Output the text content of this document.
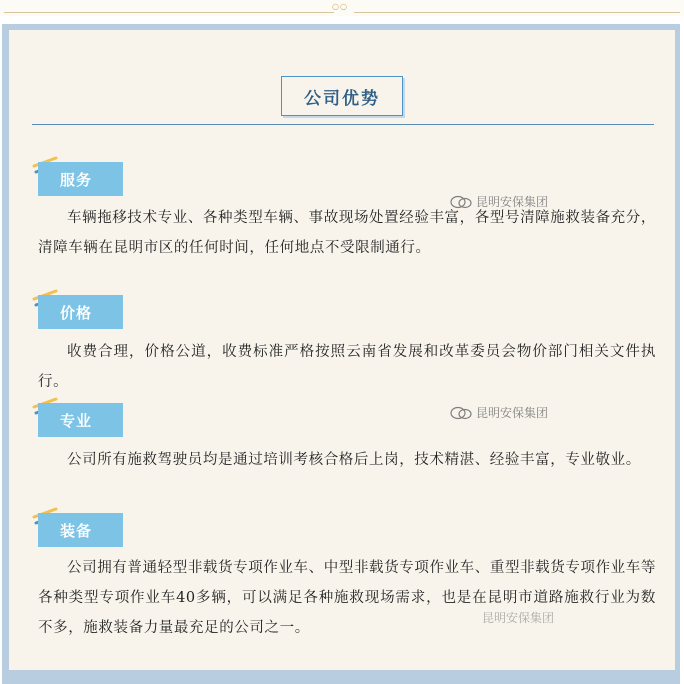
○○
公司优势
服务

车辆拖移技术专业、各种类型车辆、事故现场处置经验丰富，各型号清障施救装备充分，清障车辆在昆明市区的任何时间，任何地点不受限制通行。

价格

收费合理，价格公道，收费标准严格按照云南省发展和改革委员会物价部门相关文件执行。

专业

公司所有施救驾驶员均是通过培训考核合格后上岗，技术精湛、经验丰富，专业敬业。

装备

公司拥有普通轻型非载货专项作业车、中型非载货专项作业车、重型非载货专项作业车等各种类型专项作业车40多辆，可以满足各种施救现场需求，也是在昆明市道路施救行业为数不多，施救装备力量最充足的公司之一。

昆明安保集团
昆明安保集团
昆明安保集团
